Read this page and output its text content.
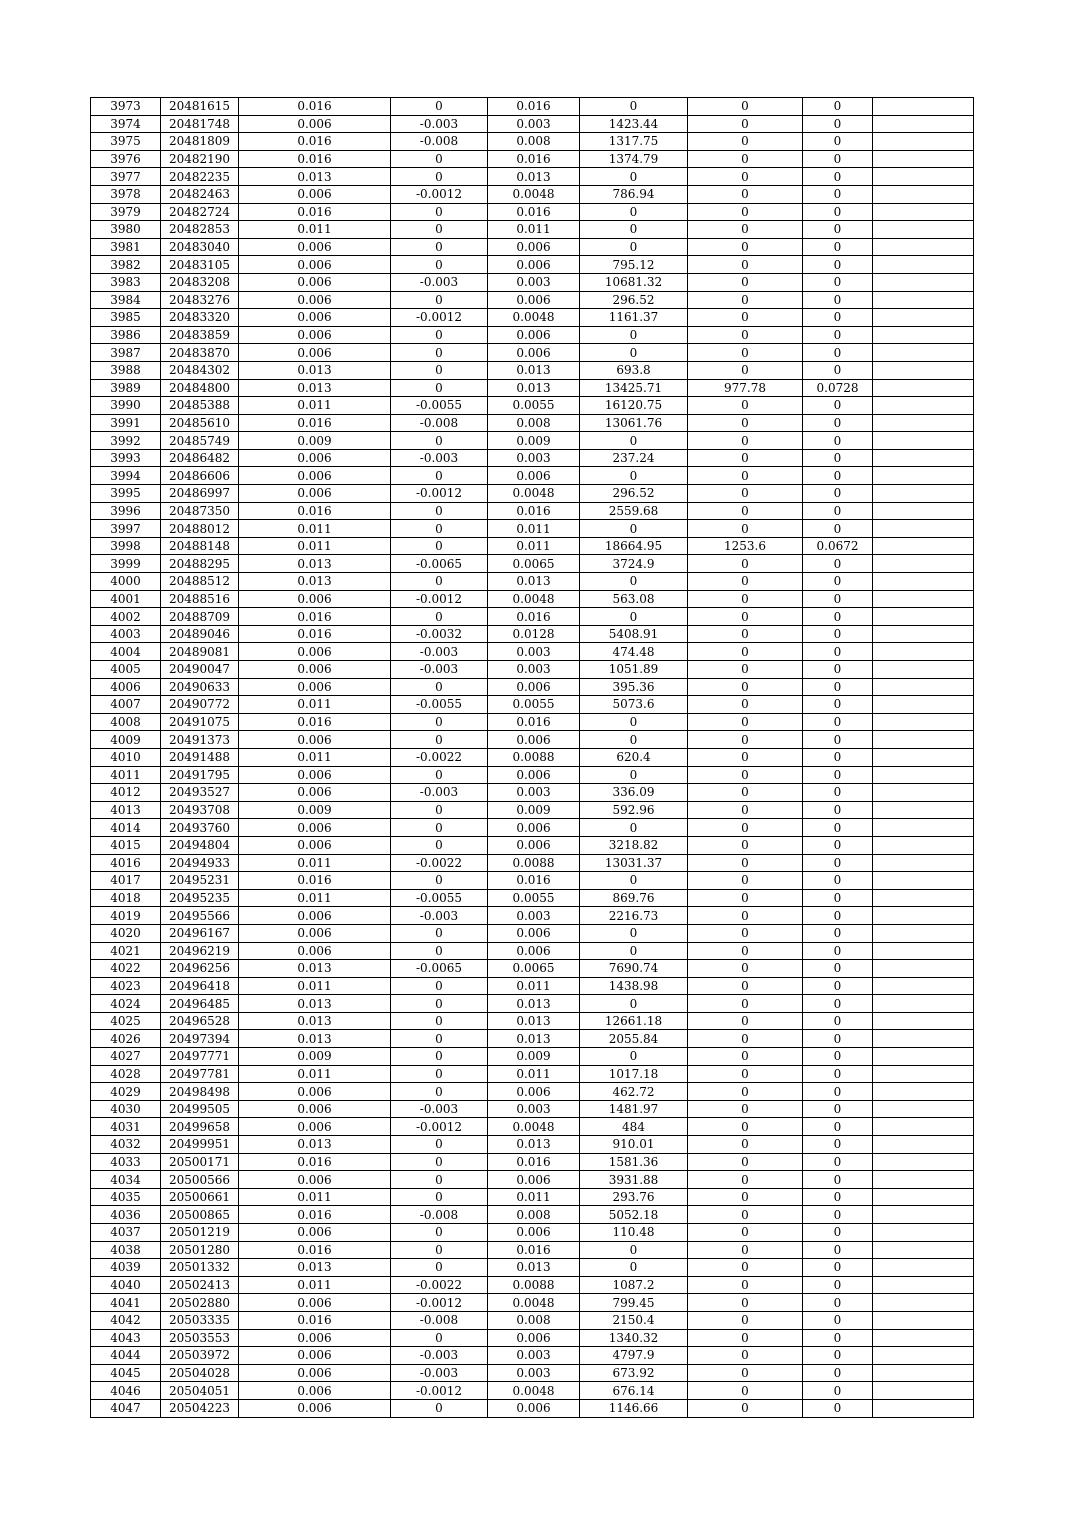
3973	20481615	0.016	0	0.016	0	0	0	
3974	20481748	0.006	-0.003	0.003	1423.44	0	0	
3975	20481809	0.016	-0.008	0.008	1317.75	0	0	
3976	20482190	0.016	0	0.016	1374.79	0	0	
3977	20482235	0.013	0	0.013	0	0	0	
3978	20482463	0.006	-0.0012	0.0048	786.94	0	0	
3979	20482724	0.016	0	0.016	0	0	0	
3980	20482853	0.011	0	0.011	0	0	0	
3981	20483040	0.006	0	0.006	0	0	0	
3982	20483105	0.006	0	0.006	795.12	0	0	
3983	20483208	0.006	-0.003	0.003	10681.32	0	0	
3984	20483276	0.006	0	0.006	296.52	0	0	
3985	20483320	0.006	-0.0012	0.0048	1161.37	0	0	
3986	20483859	0.006	0	0.006	0	0	0	
3987	20483870	0.006	0	0.006	0	0	0	
3988	20484302	0.013	0	0.013	693.8	0	0	
3989	20484800	0.013	0	0.013	13425.71	977.78	0.0728	
3990	20485388	0.011	-0.0055	0.0055	16120.75	0	0	
3991	20485610	0.016	-0.008	0.008	13061.76	0	0	
3992	20485749	0.009	0	0.009	0	0	0	
3993	20486482	0.006	-0.003	0.003	237.24	0	0	
3994	20486606	0.006	0	0.006	0	0	0	
3995	20486997	0.006	-0.0012	0.0048	296.52	0	0	
3996	20487350	0.016	0	0.016	2559.68	0	0	
3997	20488012	0.011	0	0.011	0	0	0	
3998	20488148	0.011	0	0.011	18664.95	1253.6	0.0672	
3999	20488295	0.013	-0.0065	0.0065	3724.9	0	0	
4000	20488512	0.013	0	0.013	0	0	0	
4001	20488516	0.006	-0.0012	0.0048	563.08	0	0	
4002	20488709	0.016	0	0.016	0	0	0	
4003	20489046	0.016	-0.0032	0.0128	5408.91	0	0	
4004	20489081	0.006	-0.003	0.003	474.48	0	0	
4005	20490047	0.006	-0.003	0.003	1051.89	0	0	
4006	20490633	0.006	0	0.006	395.36	0	0	
4007	20490772	0.011	-0.0055	0.0055	5073.6	0	0	
4008	20491075	0.016	0	0.016	0	0	0	
4009	20491373	0.006	0	0.006	0	0	0	
4010	20491488	0.011	-0.0022	0.0088	620.4	0	0	
4011	20491795	0.006	0	0.006	0	0	0	
4012	20493527	0.006	-0.003	0.003	336.09	0	0	
4013	20493708	0.009	0	0.009	592.96	0	0	
4014	20493760	0.006	0	0.006	0	0	0	
4015	20494804	0.006	0	0.006	3218.82	0	0	
4016	20494933	0.011	-0.0022	0.0088	13031.37	0	0	
4017	20495231	0.016	0	0.016	0	0	0	
4018	20495235	0.011	-0.0055	0.0055	869.76	0	0	
4019	20495566	0.006	-0.003	0.003	2216.73	0	0	
4020	20496167	0.006	0	0.006	0	0	0	
4021	20496219	0.006	0	0.006	0	0	0	
4022	20496256	0.013	-0.0065	0.0065	7690.74	0	0	
4023	20496418	0.011	0	0.011	1438.98	0	0	
4024	20496485	0.013	0	0.013	0	0	0	
4025	20496528	0.013	0	0.013	12661.18	0	0	
4026	20497394	0.013	0	0.013	2055.84	0	0	
4027	20497771	0.009	0	0.009	0	0	0	
4028	20497781	0.011	0	0.011	1017.18	0	0	
4029	20498498	0.006	0	0.006	462.72	0	0	
4030	20499505	0.006	-0.003	0.003	1481.97	0	0	
4031	20499658	0.006	-0.0012	0.0048	484	0	0	
4032	20499951	0.013	0	0.013	910.01	0	0	
4033	20500171	0.016	0	0.016	1581.36	0	0	
4034	20500566	0.006	0	0.006	3931.88	0	0	
4035	20500661	0.011	0	0.011	293.76	0	0	
4036	20500865	0.016	-0.008	0.008	5052.18	0	0	
4037	20501219	0.006	0	0.006	110.48	0	0	
4038	20501280	0.016	0	0.016	0	0	0	
4039	20501332	0.013	0	0.013	0	0	0	
4040	20502413	0.011	-0.0022	0.0088	1087.2	0	0	
4041	20502880	0.006	-0.0012	0.0048	799.45	0	0	
4042	20503335	0.016	-0.008	0.008	2150.4	0	0	
4043	20503553	0.006	0	0.006	1340.32	0	0	
4044	20503972	0.006	-0.003	0.003	4797.9	0	0	
4045	20504028	0.006	-0.003	0.003	673.92	0	0	
4046	20504051	0.006	-0.0012	0.0048	676.14	0	0	
4047	20504223	0.006	0	0.006	1146.66	0	0	
